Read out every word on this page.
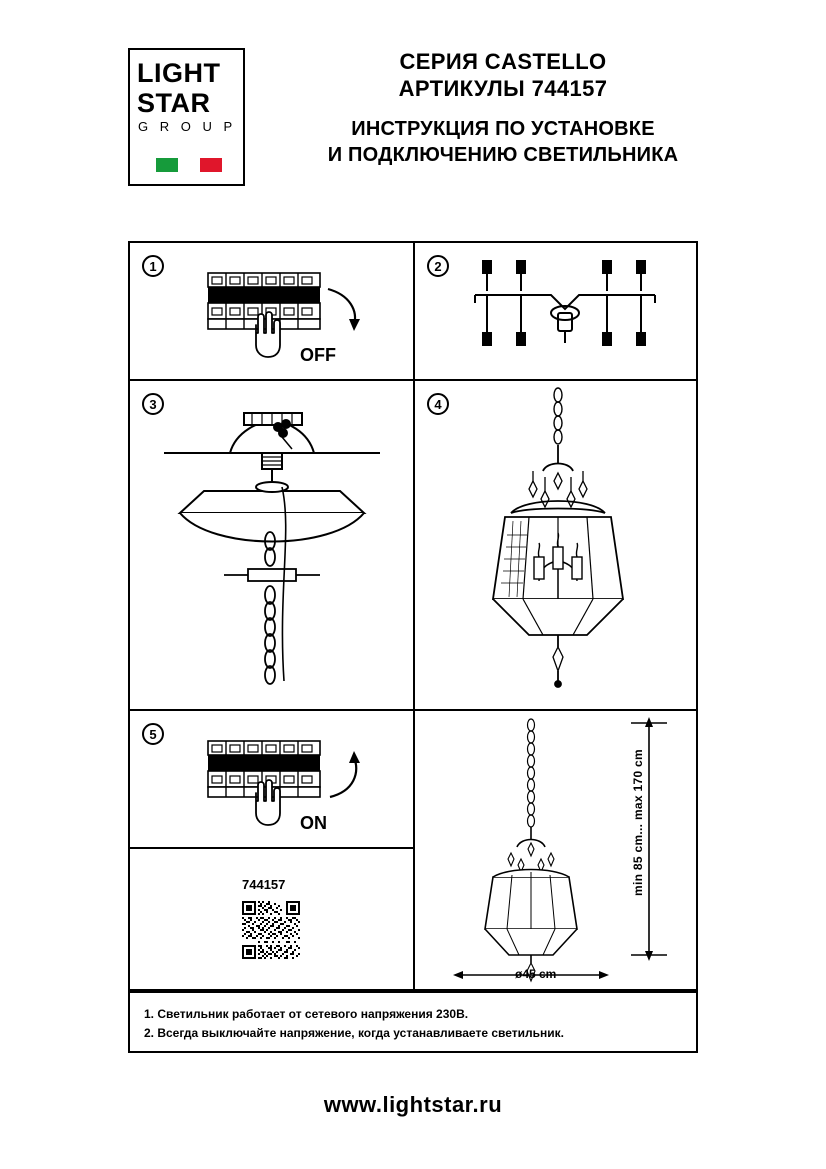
LIGHT
STAR
G R O U P
СЕРИЯ CASTELLO
АРТИКУЛЫ 744157
ИНСТРУКЦИЯ ПО УСТАНОВКЕ
И ПОДКЛЮЧЕНИЮ СВЕТИЛЬНИКА
1
OFF
2
3	4
5
ON
744157	min 85 cm... max 170 cm
ø45 cm
1. Светильник работает от сетевого напряжения 230В.
2. Всегда выключайте напряжение, когда устанавливаете светильник.
www.lightstar.ru
